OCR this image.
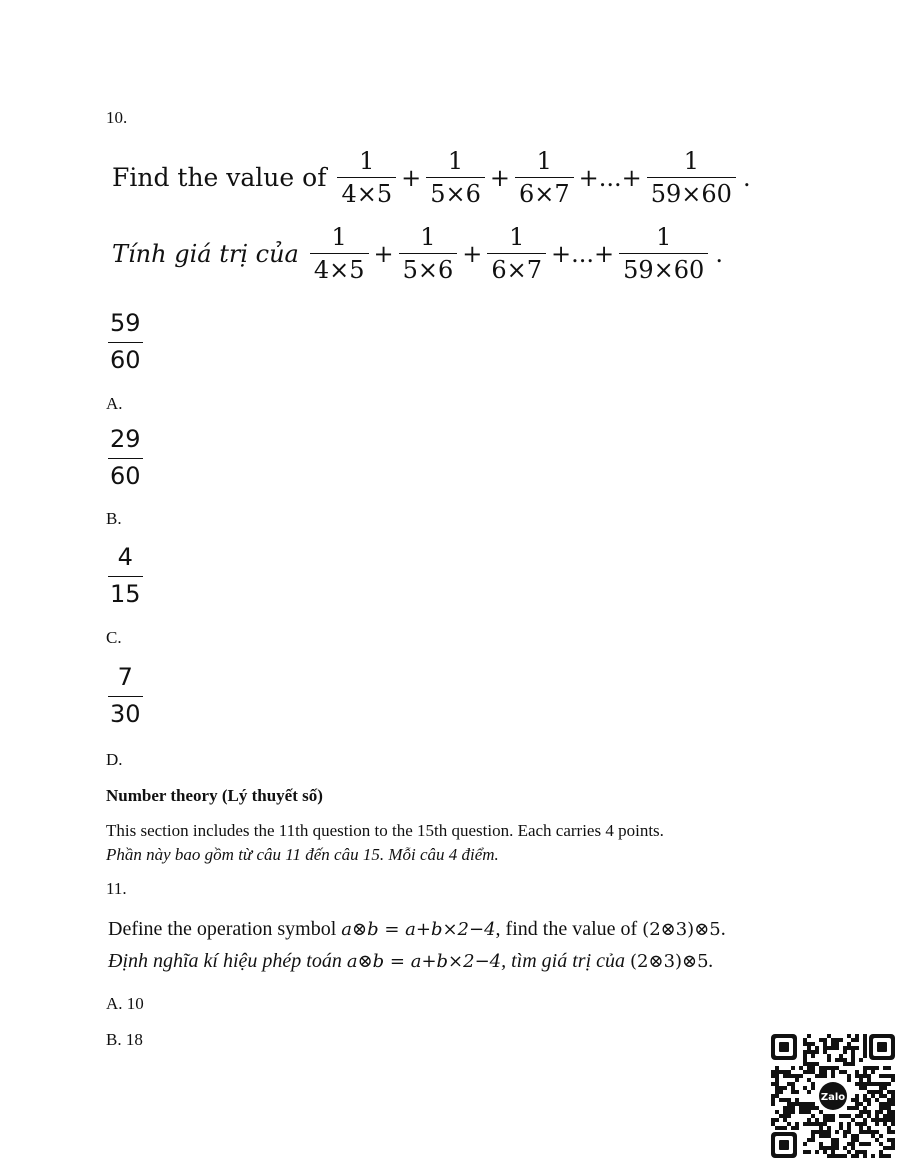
10.
Find the value of $\frac{1}{4\times 5} + \frac{1}{5\times 6} + \frac{1}{6\times 7}$ +...+ $\frac{1}{59\times 60}$ .
Tính giá trị của $\frac{1}{4\times 5} + \frac{1}{5\times 6} + \frac{1}{6\times 7}$ +...+ $\frac{1}{59\times 60}$ .
$\frac{59}{60}$
A.
$\frac{29}{60}$
B.
$\frac{4}{15}$
C.
$\frac{7}{30}$
D.
Number theory (Lý thuyết số)
This section includes the 11th question to the 15th question. Each carries 4 points.
Phần này bao gồm từ câu 11 đến câu 15. Mỗi câu 4 điểm.
11.
Define the operation symbol a⊗b = a+b×2−4, find the value of (2⊗3)⊗5.
Định nghĩa kí hiệu phép toán a⊗b = a+b×2−4, tìm giá trị của (2⊗3)⊗5.
A. 10
B. 18
Zalo
